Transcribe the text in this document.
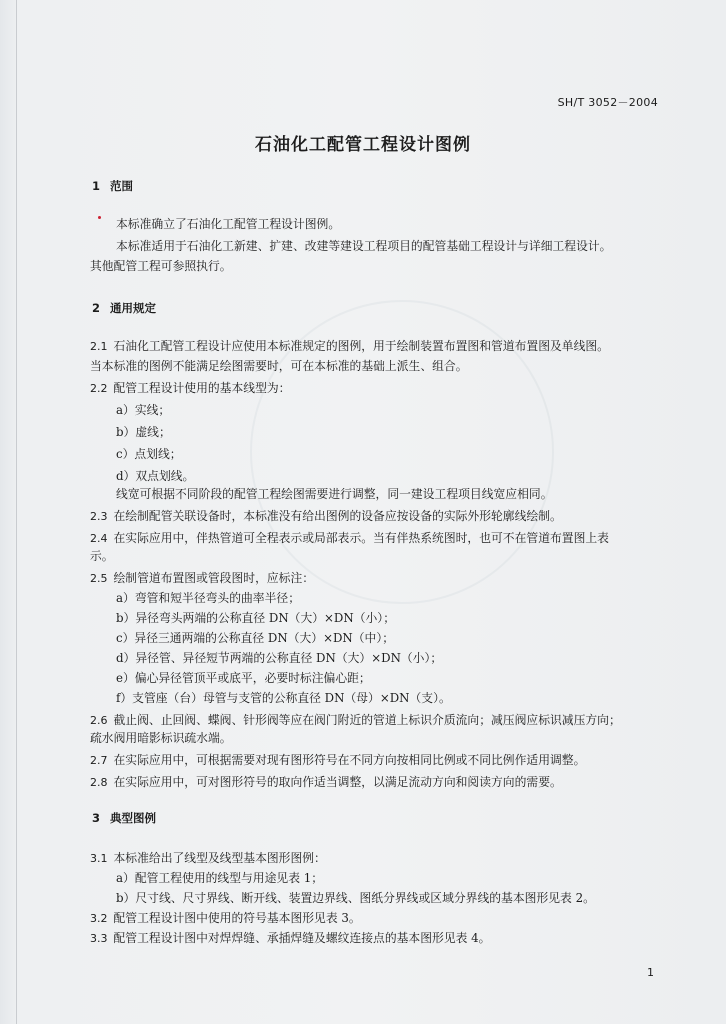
SH/T 3052－2004
石油化工配管工程设计图例
1 范围
本标准确立了石油化工配管工程设计图例。
本标准适用于石油化工新建、扩建、改建等建设工程项目的配管基础工程设计与详细工程设计。
其他配管工程可参照执行。
2 通用规定
2.1 石油化工配管工程设计应使用本标准规定的图例，用于绘制装置布置图和管道布置图及单线图。
当本标准的图例不能满足绘图需要时，可在本标准的基础上派生、组合。
2.2 配管工程设计使用的基本线型为：
a）实线；
b）虚线；
c）点划线；
d）双点划线。
线宽可根据不同阶段的配管工程绘图需要进行调整，同一建设工程项目线宽应相同。
2.3 在绘制配管关联设备时，本标准没有给出图例的设备应按设备的实际外形轮廓线绘制。
2.4 在实际应用中，伴热管道可全程表示或局部表示。当有伴热系统图时，也可不在管道布置图上表
示。
2.5 绘制管道布置图或管段图时，应标注：
a）弯管和短半径弯头的曲率半径；
b）异径弯头两端的公称直径 DN（大）×DN（小）；
c）异径三通两端的公称直径 DN（大）×DN（中）；
d）异径管、异径短节两端的公称直径 DN（大）×DN（小）；
e）偏心异径管顶平或底平，必要时标注偏心距；
f）支管座（台）母管与支管的公称直径 DN（母）×DN（支）。
2.6 截止阀、止回阀、蝶阀、针形阀等应在阀门附近的管道上标识介质流向；减压阀应标识减压方向；
疏水阀用暗影标识疏水端。
2.7 在实际应用中，可根据需要对现有图形符号在不同方向按相同比例或不同比例作适用调整。
2.8 在实际应用中，可对图形符号的取向作适当调整，以满足流动方向和阅读方向的需要。
3 典型图例
3.1 本标准给出了线型及线型基本图形图例：
a）配管工程使用的线型与用途见表 1；
b）尺寸线、尺寸界线、断开线、装置边界线、图纸分界线或区域分界线的基本图形见表 2。
3.2 配管工程设计图中使用的符号基本图形见表 3。
3.3 配管工程设计图中对焊焊缝、承插焊缝及螺纹连接点的基本图形见表 4。
1
